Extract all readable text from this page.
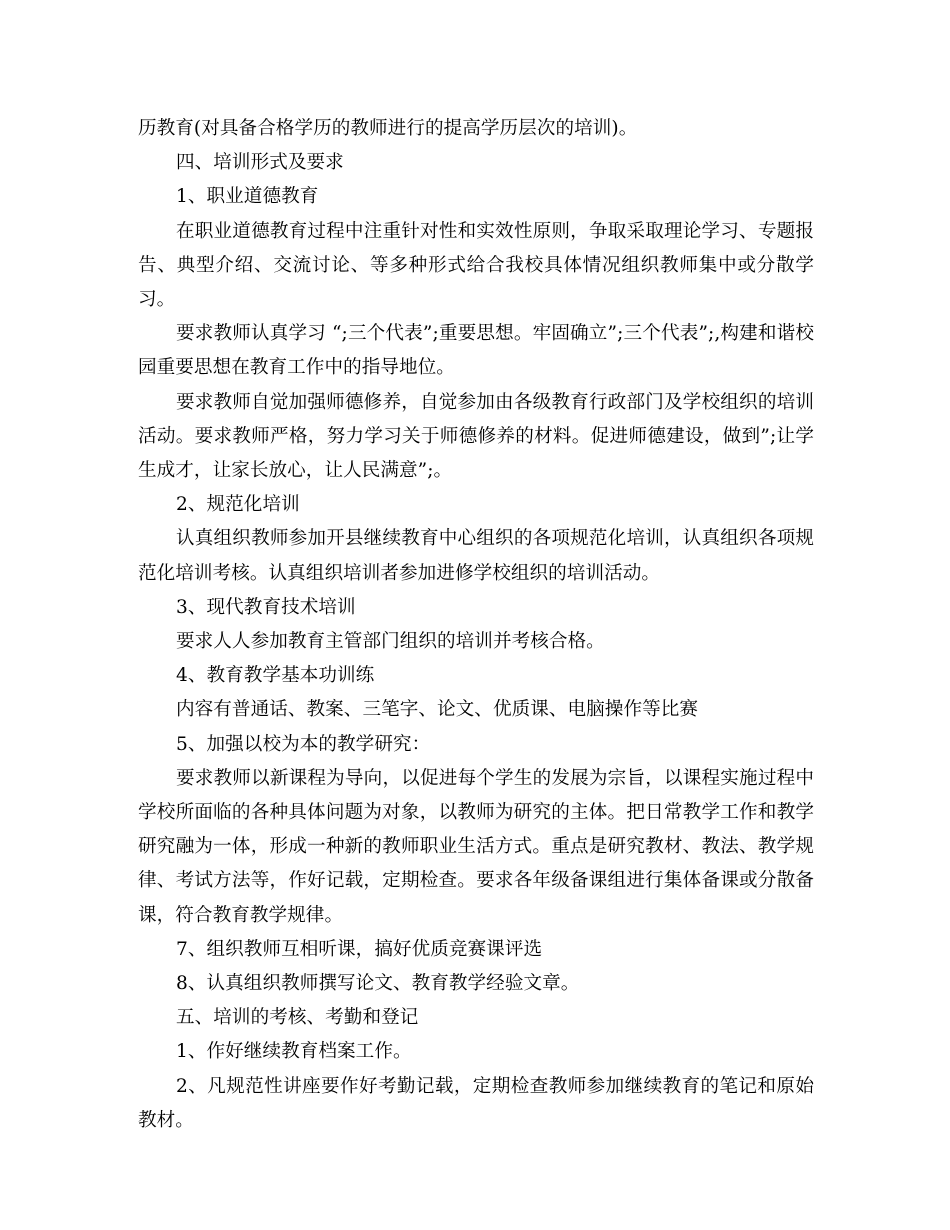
历教育(对具备合格学历的教师进行的提高学历层次的培训)。

四、培训形式及要求

1、职业道德教育

在职业道德教育过程中注重针对性和实效性原则，争取采取理论学习、专题报告、典型介绍、交流讨论、等多种形式给合我校具体情况组织教师集中或分散学习。

要求教师认真学习 “;三个代表”;重要思想。牢固确立”;三个代表”;,构建和谐校园重要思想在教育工作中的指导地位。

要求教师自觉加强师德修养，自觉参加由各级教育行政部门及学校组织的培训活动。要求教师严格，努力学习关于师德修养的材料。促进师德建设，做到”;让学生成才，让家长放心，让人民满意”;。

2、规范化培训

认真组织教师参加开县继续教育中心组织的各项规范化培训，认真组织各项规范化培训考核。认真组织培训者参加进修学校组织的培训活动。

3、现代教育技术培训

要求人人参加教育主管部门组织的培训并考核合格。

4、教育教学基本功训练

内容有普通话、教案、三笔字、论文、优质课、电脑操作等比赛

5、加强以校为本的教学研究：

要求教师以新课程为导向，以促进每个学生的发展为宗旨，以课程实施过程中学校所面临的各种具体问题为对象，以教师为研究的主体。把日常教学工作和教学研究融为一体，形成一种新的教师职业生活方式。重点是研究教材、教法、教学规律、考试方法等，作好记载，定期检查。要求各年级备课组进行集体备课或分散备课，符合教育教学规律。

7、组织教师互相听课，搞好优质竞赛课评选

8、认真组织教师撰写论文、教育教学经验文章。

五、培训的考核、考勤和登记

1、作好继续教育档案工作。

2、凡规范性讲座要作好考勤记载，定期检查教师参加继续教育的笔记和原始教材。
